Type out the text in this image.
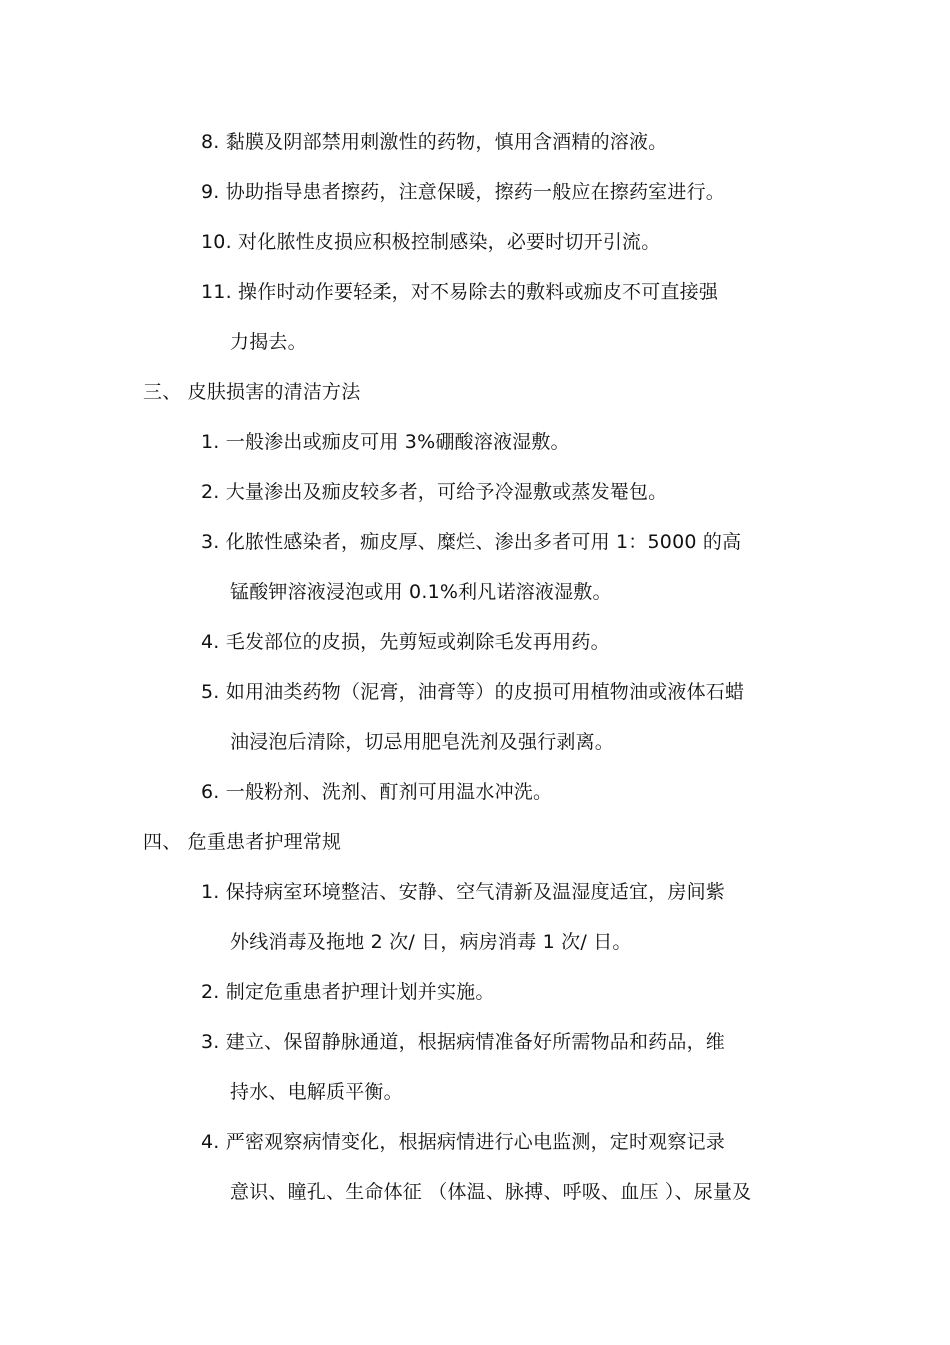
8. 黏膜及阴部禁用刺激性的药物，慎用含酒精的溶液。
9. 协助指导患者擦药，注意保暖，擦药一般应在擦药室进行。
10. 对化脓性皮损应积极控制感染，必要时切开引流。
11. 操作时动作要轻柔，对不易除去的敷料或痂皮不可直接强
力揭去。
三、 皮肤损害的清洁方法
1. 一般渗出或痂皮可用 3%硼酸溶液湿敷。
2. 大量渗出及痂皮较多者，可给予冷湿敷或蒸发罨包。
3. 化脓性感染者，痂皮厚、糜烂、渗出多者可用 1：5000 的高
锰酸钾溶液浸泡或用 0.1%利凡诺溶液湿敷。
4. 毛发部位的皮损，先剪短或剃除毛发再用药。
5. 如用油类药物（泥膏，油膏等）的皮损可用植物油或液体石蜡
油浸泡后清除，切忌用肥皂洗剂及强行剥离。
6. 一般粉剂、洗剂、酊剂可用温水冲洗。
四、 危重患者护理常规
1. 保持病室环境整洁、安静、空气清新及温湿度适宜，房间紫
外线消毒及拖地 2 次/ 日，病房消毒 1 次/ 日。
2. 制定危重患者护理计划并实施。
3. 建立、保留静脉通道，根据病情准备好所需物品和药品，维
持水、电解质平衡。
4. 严密观察病情变化，根据病情进行心电监测，定时观察记录
意识、瞳孔、生命体征 （体温、脉搏、呼吸、血压 ）、尿量及
